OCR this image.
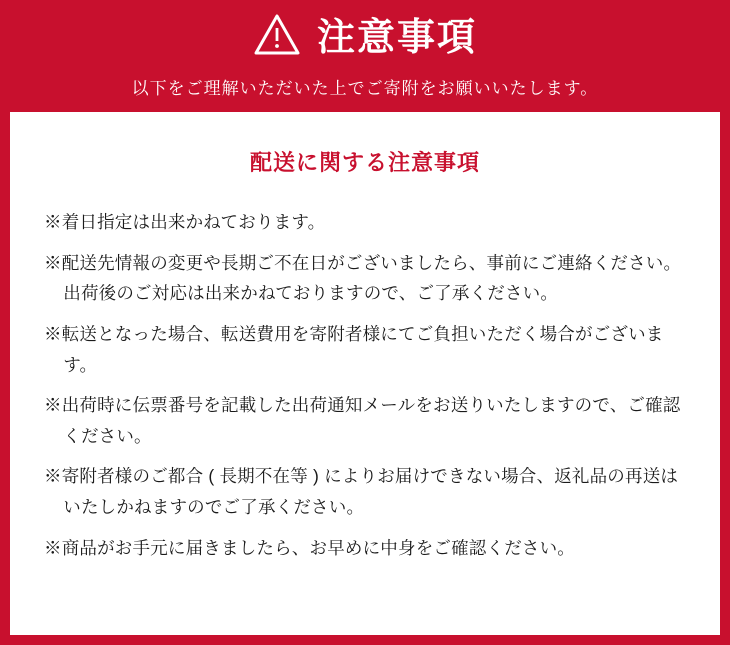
注意事項
以下をご理解いただいた上でご寄附をお願いいたします。
配送に関する注意事項
※着日指定は出来かねております。
※配送先情報の変更や長期ご不在日がございましたら、事前にご連絡ください。出荷後のご対応は出来かねておりますので、ご了承ください。
※転送となった場合、転送費用を寄附者様にてご負担いただく場合がございます。
※出荷時に伝票番号を記載した出荷通知メールをお送りいたしますので、ご確認ください。
※寄附者様のご都合 ( 長期不在等 ) によりお届けできない場合、返礼品の再送はいたしかねますのでご了承ください。
※商品がお手元に届きましたら、お早めに中身をご確認ください。
